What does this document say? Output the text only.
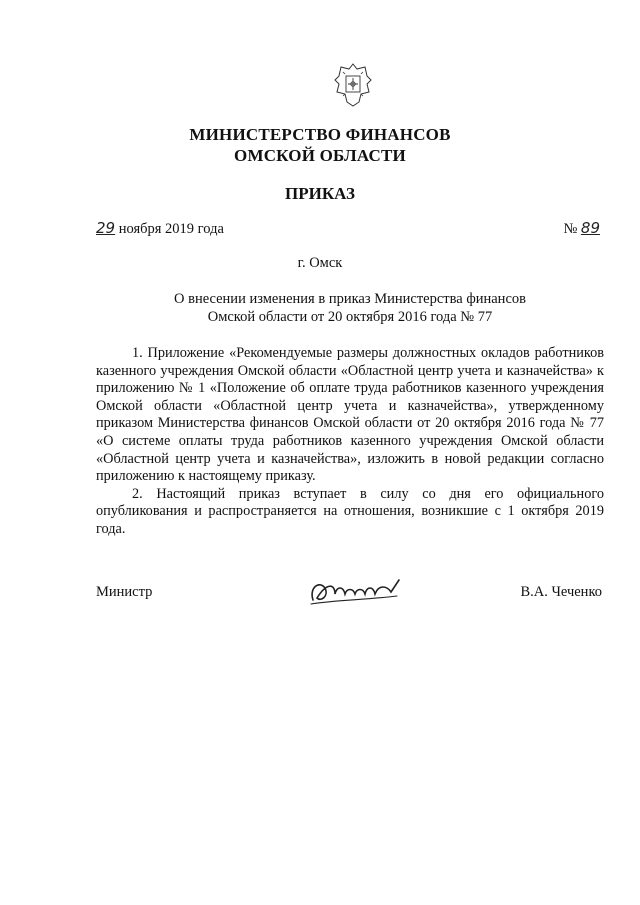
МИНИСТЕРСТВО ФИНАНСОВ
ОМСКОЙ ОБЛАСТИ
ПРИКАЗ
29 ноября 2019 года	№ 89
г. Омск
О внесении изменения в приказ Министерства финансов
Омской области от 20 октября 2016 года № 77

1. Приложение «Рекомендуемые размеры должностных окладов работников казенного учреждения Омской области «Областной центр учета и казначейства» к приложению № 1 «Положение об оплате труда работников казенного учреждения Омской области «Областной центр учета и казначейства», утвержденному приказом Министерства финансов Омской области от 20 октября 2016 года № 77 «О системе оплаты труда работников казенного учреждения Омской области «Областной центр учета и казначейства», изложить в новой редакции согласно приложению к настоящему приказу.

2. Настоящий приказ вступает в силу со дня его официального опубликования и распространяется на отношения, возникшие с 1 октября 2019 года.

Министр	В.А. Чеченко
